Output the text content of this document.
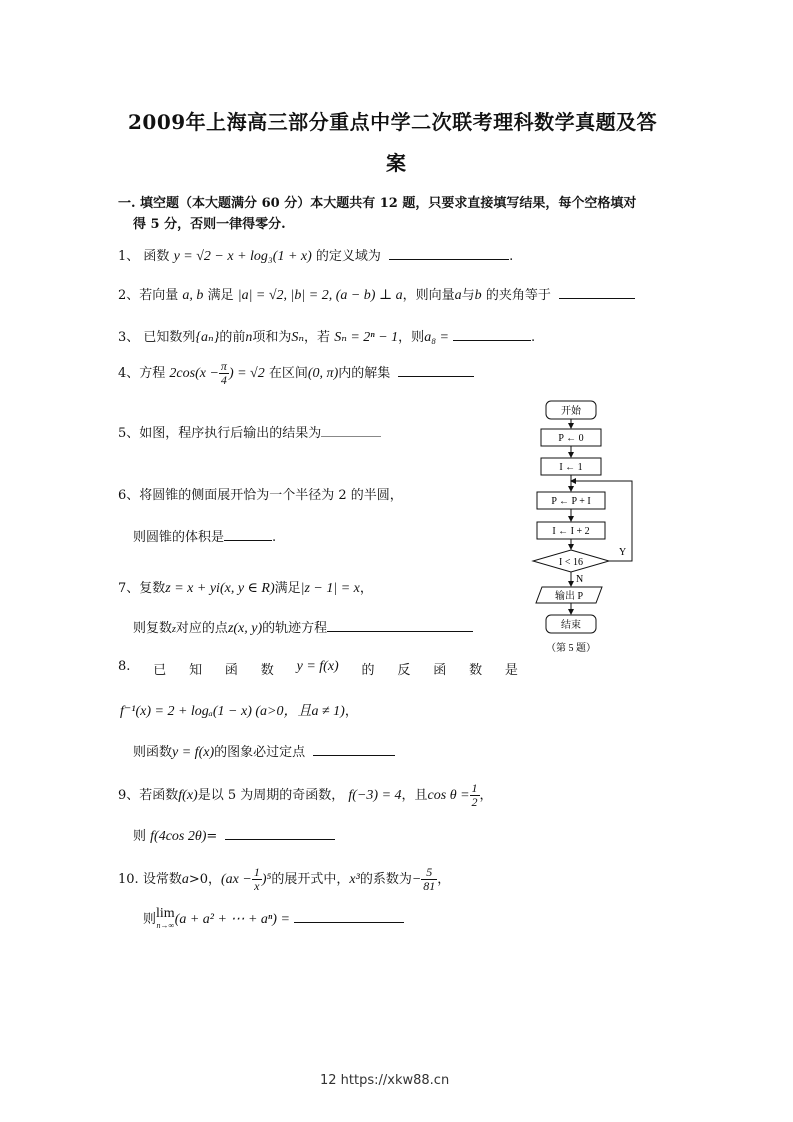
2009年上海高三部分重点中学二次联考理科数学真题及答
案
一. 填空题（本大题满分 60 分）本大题共有 12 题，只要求直接填写结果，每个空格填对
得 5 分，否则一律得零分.
1、 函数 y = √2 − x + log₃(1 + x) 的定义域为	.
2、若向量 a, b 满足 |a| = √2, |b| = 2, (a − b) ⊥ a，则向量a与b 的夹角等于
3、 已知数列{aₙ}的前n项和为Sₙ，若 Sₙ = 2ⁿ − 1，则a₈ =	.
4、方程 $2\cos(x - \frac{\pi}{4}$ ) = √2 在区间(0, π)内的解集
5、如图，程序执行后输出的结果为
6、将圆锥的侧面展开恰为一个半径为 2 的半圆，
则圆锥的体积是	.
7、复数z = x + yi(x, y ∈ R)满足|z − 1| = x，
则复数z对应的点z(x, y)的轨迹方程
8. 已 知 函 数 y = f(x) 的 反 函 数 是
f⁻¹(x) = 2 + logₐ(1 − x) (a>0，且a ≠ 1)，
则函数y = f(x)的图象必过定点
9、若函数f(x)是以 5 为周期的奇函数， f(−3) = 4，且$\cos \theta = \frac{1}{2}$ ，
则 f(4cos 2θ)=
10. 设常数a>0，$(ax - \frac{1}{x} )^5$的展开式中，x³的系数为− $\frac{5}{81}$ ，
则 lim
n→∞ (a + a² + ⋯ + aⁿ) =
开始
P ← 0
I ← 1
P ← P + I
I ← I + 2
I < 16
Y
N
输出 P
结束
（第 5 题）
12 https://xkw88.cn
